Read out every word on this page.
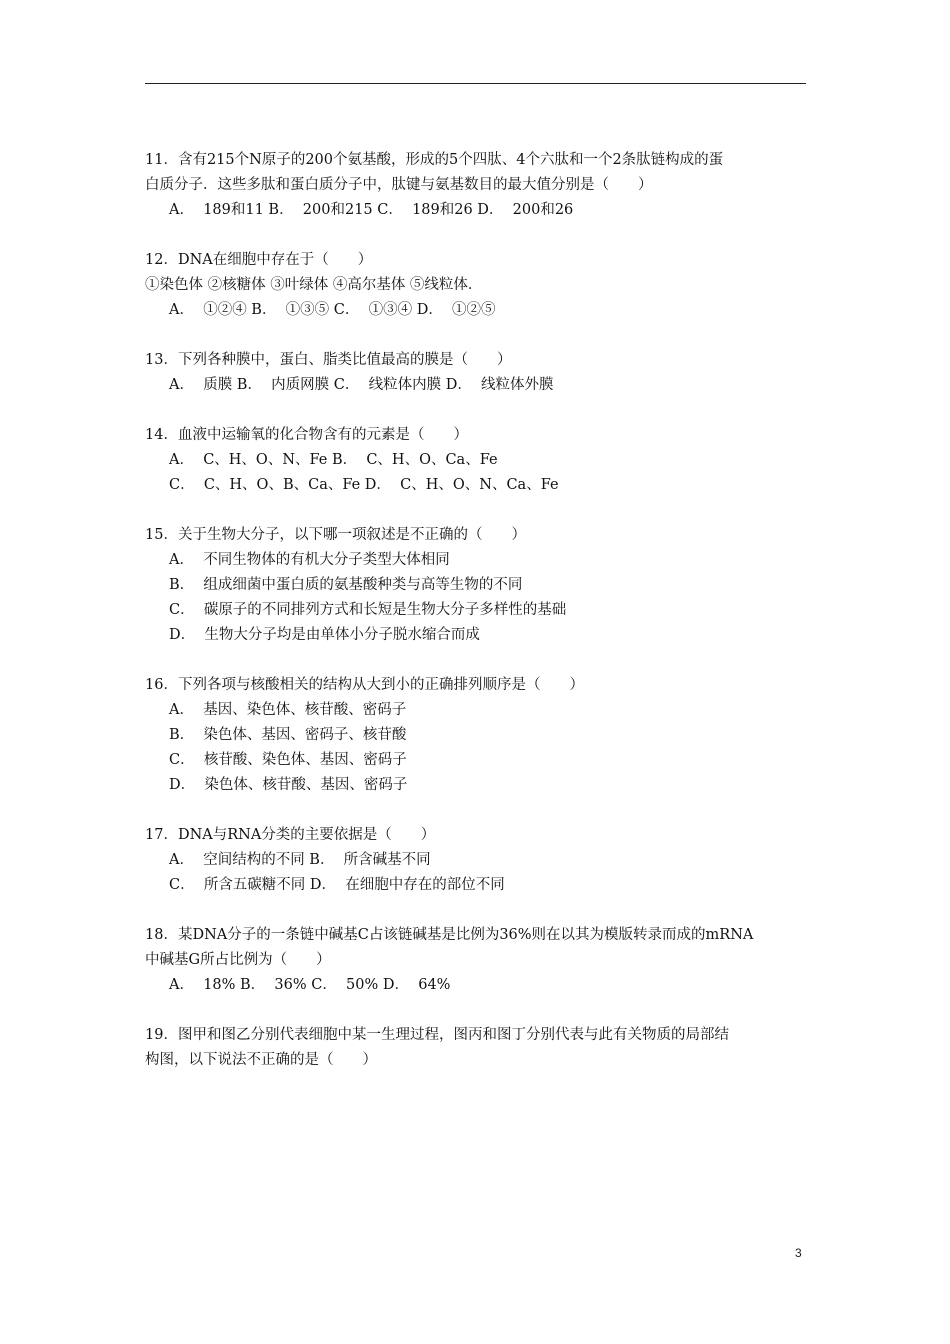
11．含有215个N原子的200个氨基酸，形成的5个四肽、4个六肽和一个2条肽链构成的蛋

白质分子．这些多肽和蛋白质分子中，肽键与氨基数目的最大值分别是（　　）

A．  189和11 B．  200和215 C．  189和26 D．  200和26

12．DNA在细胞中存在于（　　）

①染色体 ②核糖体 ③叶绿体 ④高尔基体 ⑤线粒体．

A．  ①②④ B．  ①③⑤ C．  ①③④ D．  ①②⑤

13．下列各种膜中，蛋白、脂类比值最高的膜是（　　）

A．  质膜 B．  内质网膜 C．  线粒体内膜 D．  线粒体外膜

14．血液中运输氧的化合物含有的元素是（　　）

A．  C、H、O、N、Fe B．  C、H、O、Ca、Fe

C．  C、H、O、B、Ca、Fe D．  C、H、O、N、Ca、Fe

15．关于生物大分子，以下哪一项叙述是不正确的（　　）

A．  不同生物体的有机大分子类型大体相同

B．  组成细菌中蛋白质的氨基酸种类与高等生物的不同

C．  碳原子的不同排列方式和长短是生物大分子多样性的基础

D．  生物大分子均是由单体小分子脱水缩合而成

16．下列各项与核酸相关的结构从大到小的正确排列顺序是（　　）

A．  基因、染色体、核苷酸、密码子

B．  染色体、基因、密码子、核苷酸

C．  核苷酸、染色体、基因、密码子

D．  染色体、核苷酸、基因、密码子

17．DNA与RNA分类的主要依据是（　　）

A．  空间结构的不同 B．  所含碱基不同

C．  所含五碳糖不同 D．  在细胞中存在的部位不同

18．某DNA分子的一条链中碱基C占该链碱基是比例为36%则在以其为模版转录而成的mRNA

中碱基G所占比例为（　　）

A．  18% B．  36% C．  50% D．  64%

19．图甲和图乙分别代表细胞中某一生理过程，图丙和图丁分别代表与此有关物质的局部结

构图，以下说法不正确的是（　　）

3
